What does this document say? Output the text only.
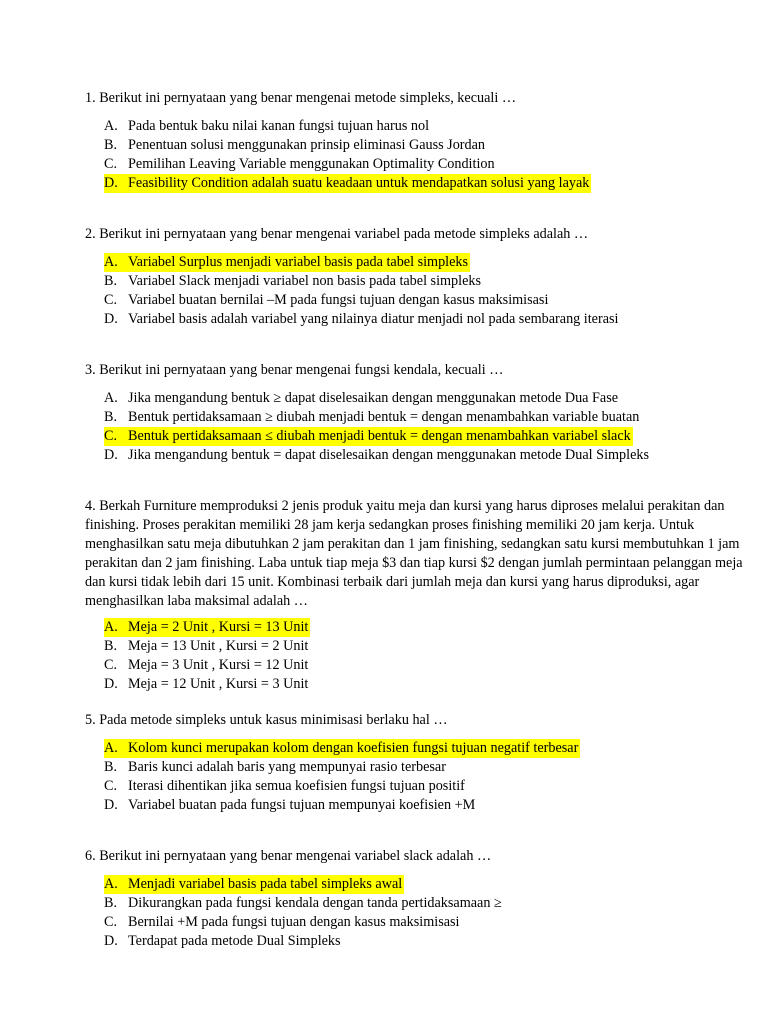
1. Berikut ini pernyataan yang benar mengenai metode simpleks, kecuali …

A. Pada bentuk baku nilai kanan fungsi tujuan harus nol
B. Penentuan solusi menggunakan prinsip eliminasi Gauss Jordan
C. Pemilihan Leaving Variable menggunakan Optimality Condition
D. Feasibility Condition adalah suatu keadaan untuk mendapatkan solusi yang layak

2. Berikut ini pernyataan yang benar mengenai variabel pada metode simpleks adalah …

A. Variabel Surplus menjadi variabel basis pada tabel simpleks
B. Variabel Slack menjadi variabel non basis pada tabel simpleks
C. Variabel buatan bernilai –M pada fungsi tujuan dengan kasus maksimisasi
D. Variabel basis adalah variabel yang nilainya diatur menjadi nol pada sembarang iterasi

3. Berikut ini pernyataan yang benar mengenai fungsi kendala, kecuali …

A. Jika mengandung bentuk ≥ dapat diselesaikan dengan menggunakan metode Dua Fase
B. Bentuk pertidaksamaan ≥ diubah menjadi bentuk = dengan menambahkan variable buatan
C. Bentuk pertidaksamaan ≤ diubah menjadi bentuk = dengan menambahkan variabel slack
D. Jika mengandung bentuk = dapat diselesaikan dengan menggunakan metode Dual Simpleks

4. Berkah Furniture memproduksi 2 jenis produk yaitu meja dan kursi yang harus diproses melalui perakitan dan finishing. Proses perakitan memiliki 28 jam kerja sedangkan proses finishing memiliki 20 jam kerja. Untuk menghasilkan satu meja dibutuhkan 2 jam perakitan dan 1 jam finishing, sedangkan satu kursi membutuhkan 1 jam perakitan dan 2 jam finishing. Laba untuk tiap meja $3 dan tiap kursi $2 dengan jumlah permintaan pelanggan meja dan kursi tidak lebih dari 15 unit. Kombinasi terbaik dari jumlah meja dan kursi yang harus diproduksi, agar menghasilkan laba maksimal adalah …

A. Meja = 2 Unit , Kursi = 13 Unit
B. Meja = 13 Unit , Kursi = 2 Unit
C. Meja = 3 Unit , Kursi = 12 Unit
D. Meja = 12 Unit , Kursi = 3 Unit

5. Pada metode simpleks untuk kasus minimisasi berlaku hal …

A. Kolom kunci merupakan kolom dengan koefisien fungsi tujuan negatif terbesar
B. Baris kunci adalah baris yang mempunyai rasio terbesar
C. Iterasi dihentikan jika semua koefisien fungsi tujuan positif
D. Variabel buatan pada fungsi tujuan mempunyai koefisien +M

6. Berikut ini pernyataan yang benar mengenai variabel slack adalah …

A. Menjadi variabel basis pada tabel simpleks awal
B. Dikurangkan pada fungsi kendala dengan tanda pertidaksamaan ≥
C. Bernilai +M pada fungsi tujuan dengan kasus maksimisasi
D. Terdapat pada metode Dual Simpleks
